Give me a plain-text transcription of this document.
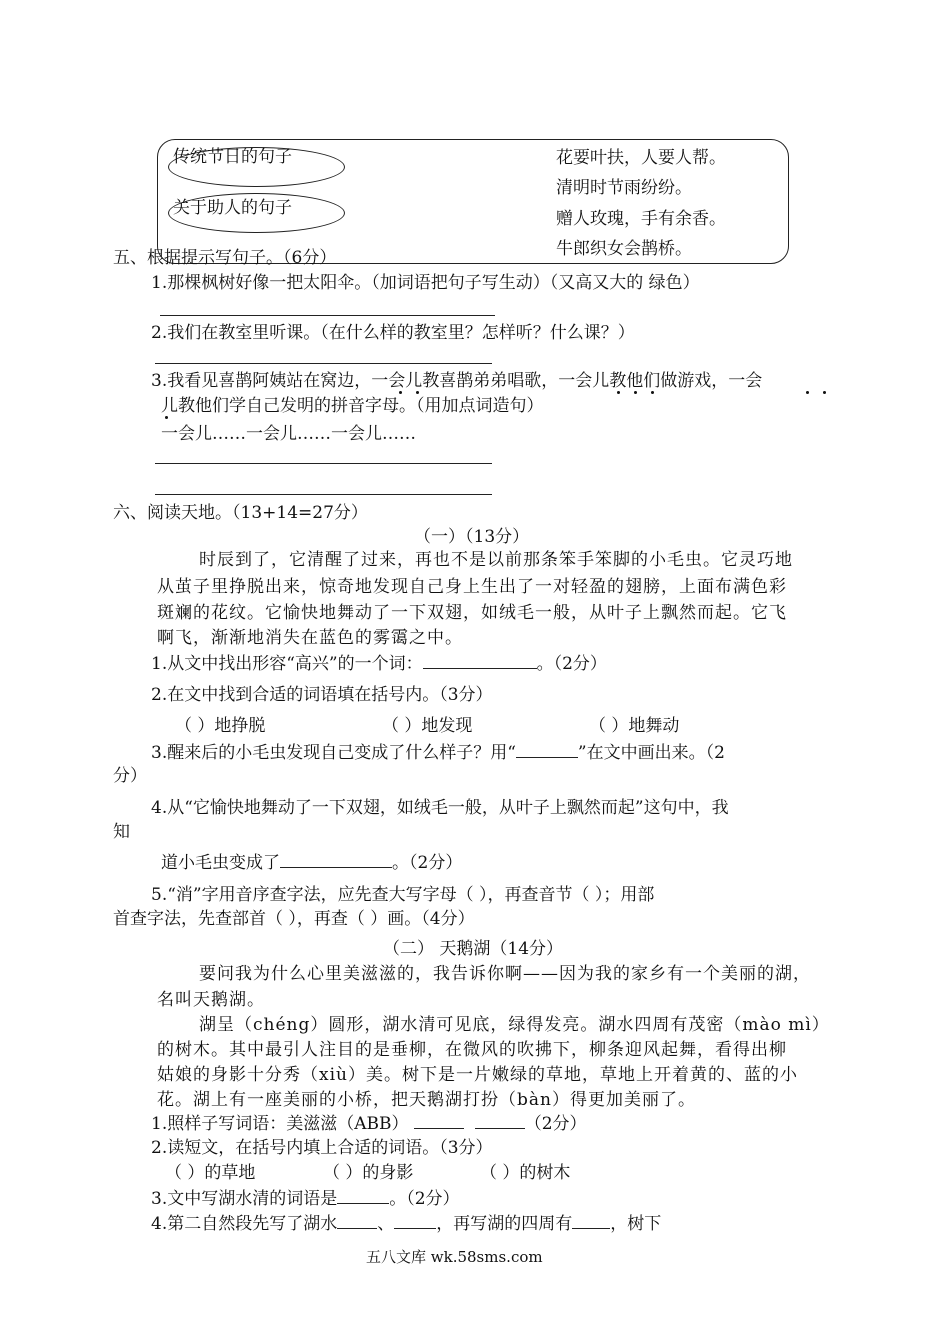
传统节日的句子
关于助人的句子
花要叶扶，人要人帮。
清明时节雨纷纷。
赠人玫瑰，手有余香。
牛郎织女会鹊桥。
五、根据提示写句子。（6分）
1.那棵枫树好像一把太阳伞。（加词语把句子写生动）（又高又大的 绿色）
2.我们在教室里听课。（在什么样的教室里？怎样听？什么课？）
3.我看见喜鹊阿姨站在窝边，一会儿教喜鹊弟弟唱歌，一会儿教他们做游戏，一会
儿教他们学自己发明的拼音字母。（用加点词造句）
一会儿……一会儿……一会儿……
六、阅读天地。（13+14=27分）
（一）（13分）
时辰到了，它清醒了过来，再也不是以前那条笨手笨脚的小毛虫。它灵巧地
从茧子里挣脱出来，惊奇地发现自己身上生出了一对轻盈的翅膀，上面布满色彩
斑斓的花纹。它愉快地舞动了一下双翅，如绒毛一般，从叶子上飘然而起。它飞
啊飞，渐渐地消失在蓝色的雾霭之中。
1.从文中找出形容“高兴”的一个词：	。（2分）
2.在文中找到合适的词语填在括号内。（3分）
（ ）地挣脱	（ ）地发现	（ ）地舞动
3.醒来后的小毛虫发现自己变成了什么样子？用“	”在文中画出来。（2
分）
4.从“它愉快地舞动了一下双翅，如绒毛一般，从叶子上飘然而起”这句中，我
知
道小毛虫变成了	。（2分）
5.“消”字用音序查字法，应先查大写字母（ ），再查音节（ ）；用部
首查字法，先查部首（ ），再查（ ）画。（4分）
（二） 天鹅湖（14分）
要问我为什么心里美滋滋的，我告诉你啊——因为我的家乡有一个美丽的湖，
名叫天鹅湖。
湖呈（chéng）圆形，湖水清可见底，绿得发亮。湖水四周有茂密（mào mì）
的树木。其中最引人注目的是垂柳，在微风的吹拂下，柳条迎风起舞，看得出柳
姑娘的身影十分秀（xiù）美。树下是一片嫩绿的草地，草地上开着黄的、蓝的小
花。湖上有一座美丽的小桥，把天鹅湖打扮（bàn）得更加美丽了。
1.照样子写词语：美滋滋（ABB）	（2分）
2.读短文，在括号内填上合适的词语。（3分）
（ ）的草地	（ ）的身影	（ ）的树木
3.文中写湖水清的词语是	。（2分）
4.第二自然段先写了湖水 、 ，再写湖的四周有 ，树下
五八文库 wk.58sms.com
